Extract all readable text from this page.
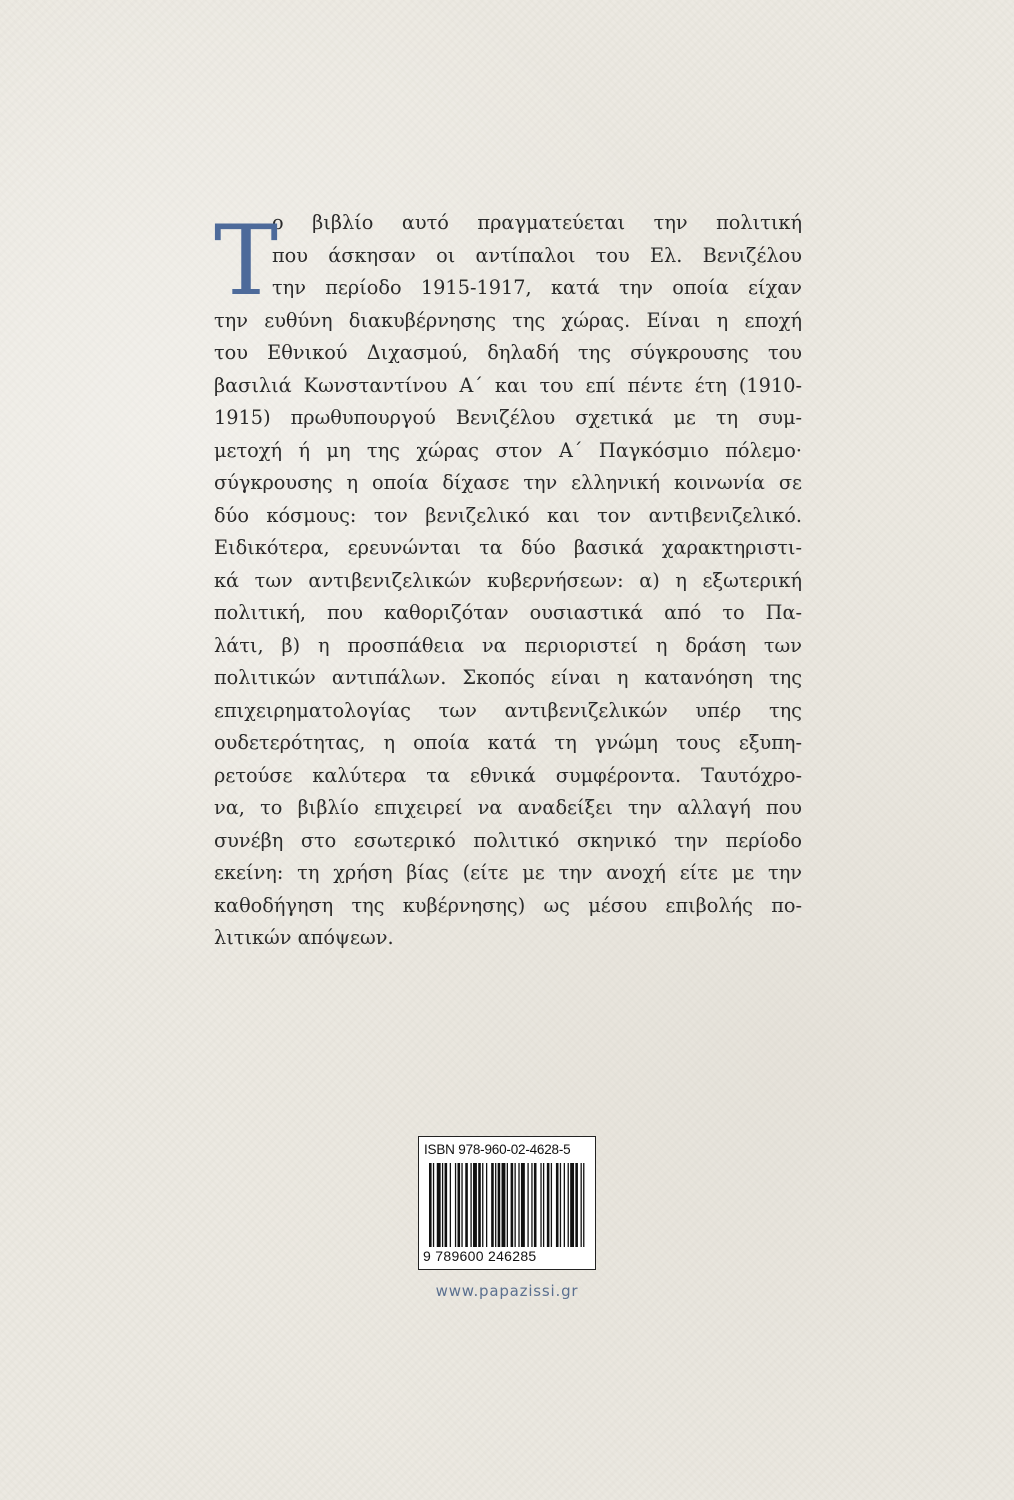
Τ
ο βιβλίο αυτό πραγματεύεται την πολιτική
που άσκησαν οι αντίπαλοι του Ελ. Βενιζέλου
την περίοδο 1915-1917, κατά την οποία είχαν
την ευθύνη διακυβέρνησης της χώρας. Είναι η εποχή
του Εθνικού Διχασμού, δηλαδή της σύγκρουσης του
βασιλιά Κωνσταντίνου Α΄ και του επί πέντε έτη (1910-
1915) πρωθυπουργού Βενιζέλου σχετικά με τη συμ-
μετοχή ή μη της χώρας στον Α΄ Παγκόσμιο πόλεμο·
σύγκρουσης η οποία δίχασε την ελληνική κοινωνία σε
δύο κόσμους: τον βενιζελικό και τον αντιβενιζελικό.
Ειδικότερα, ερευνώνται τα δύο βασικά χαρακτηριστι-
κά των αντιβενιζελικών κυβερνήσεων: α) η εξωτερική
πολιτική, που καθοριζόταν ουσιαστικά από το Πα-
λάτι, β) η προσπάθεια να περιοριστεί η δράση των
πολιτικών αντιπάλων. Σκοπός είναι η κατανόηση της
επιχειρηματολογίας των αντιβενιζελικών υπέρ της
ουδετερότητας, η οποία κατά τη γνώμη τους εξυπη-
ρετούσε καλύτερα τα εθνικά συμφέροντα. Ταυτόχρο-
να, το βιβλίο επιχειρεί να αναδείξει την αλλαγή που
συνέβη στο εσωτερικό πολιτικό σκηνικό την περίοδο
εκείνη: τη χρήση βίας (είτε με την ανοχή είτε με την
καθοδήγηση της κυβέρνησης) ως μέσου επιβολής πο-
λιτικών απόψεων.
ISBN 978-960-02-4628-5
9 789600 246285
www.papazissi.gr
